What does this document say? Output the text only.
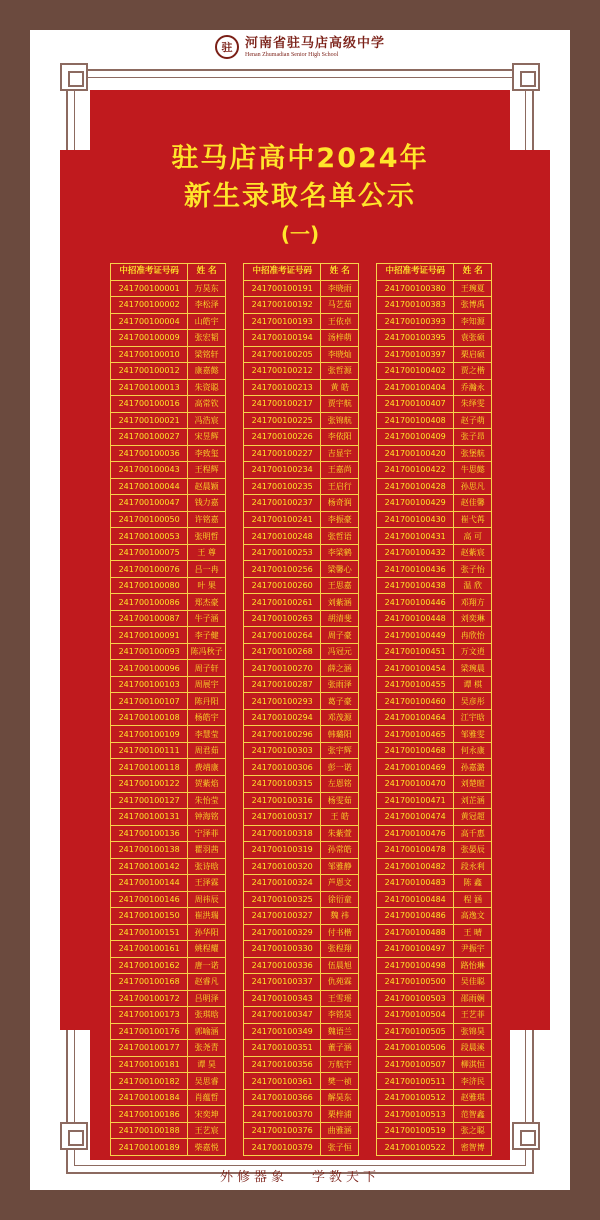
驻 河南省驻马店高级中学
Henan Zhumadian Senior High School
驻马店高中2024年
新生录取名单公示
(一)
中招准考证号码	姓 名
241700100001	万昊东
241700100002	李松泽
241700100004	山皓宇
241700100009	张宏韬
241700100010	梁铭轩
241700100012	康嘉懿
241700100013	朱资聪
241700100016	高常钦
241700100021	冯浩宸
241700100027	宋昱辉
241700100036	李致玺
241700100043	王程辉
241700100044	赵晨颖
241700100047	钱力嘉
241700100050	许铭嘉
241700100053	张明哲
241700100075	王 尊
241700100076	吕一冉
241700100080	叶 果
241700100086	郑杰豪
241700100087	牛子涵
241700100091	李子健
241700100093	陈冯秋子
241700100096	周子轩
241700100103	周展宇
241700100107	陈丹阳
241700100108	杨皓宇
241700100109	李慧莹
241700100111	周君茹
241700100118	费靖康
241700100122	贺紫焰
241700100127	朱怡莹
241700100131	钟海铭
241700100136	宁泽菲
241700100138	瞿羽茜
241700100142	张诗晗
241700100144	王泽霖
241700100146	周祎辰
241700100150	崔洪瑞
241700100151	孙华阳
241700100161	姚程耀
241700100162	唐一诺
241700100168	赵睿凡
241700100172	吕明泽
241700100173	张琪晗
241700100176	郭喻涵
241700100177	张尧青
241700100181	谭 昊
241700100182	吴思睿
241700100184	肖蕴哲
241700100186	宋奕坤
241700100188	王艺宸
241700100189	柴嘉悦
中招准考证号码	姓 名
241700100191	李晓雨
241700100192	马艺茹
241700100193	王依卓
241700100194	汤梓萌
241700100205	李晓灿
241700100212	张哲源
241700100213	黄 皓
241700100217	贾宇航
241700100225	张锦航
241700100226	李依阳
241700100227	吉显宇
241700100234	王嘉尚
241700100235	王启行
241700100237	杨奇润
241700100241	李振豪
241700100248	张哲语
241700100253	李梁鹤
241700100256	梁馨心
241700100260	王思嘉
241700100261	刘紫涵
241700100263	胡清斐
241700100264	周子豪
241700100268	冯冠元
241700100270	薛之涵
241700100287	张雨泽
241700100293	葛子豪
241700100294	邓茂源
241700100296	韩璐阳
241700100303	张宇辉
241700100306	彭一诺
241700100315	左恩铭
241700100316	杨雯茹
241700100317	王 皓
241700100318	朱紫萱
241700100319	孙常皓
241700100320	邹雅静
241700100324	芦恩文
241700100325	徐衍童
241700100327	魏 祎
241700100329	付书楷
241700100330	张程翔
241700100336	伍晨旭
241700100337	仇苑霖
241700100343	王雪瑶
241700100347	李铭昊
241700100349	魏语兰
241700100351	董子涵
241700100356	万航宇
241700100361	樊一祯
241700100366	解昊东
241700100370	栗梓浦
241700100376	曲雅涵
241700100379	张子恒
中招准考证号码	姓 名
241700100380	王琬夏
241700100383	张博禹
241700100393	李知源
241700100395	袁张硕
241700100397	栗启硕
241700100402	贾之楷
241700100404	乔瀚永
241700100407	朱绎雯
241700100408	赵子萌
241700100409	张子昂
241700100420	张堡航
241700100422	牛思懿
241700100428	孙思凡
241700100429	赵佳馨
241700100430	崔弋苒
241700100431	高 可
241700100432	赵紫宸
241700100436	张子怡
241700100438	温 欣
241700100446	邓翔方
241700100448	刘奕琳
241700100449	冉欣怡
241700100451	万文逍
241700100454	梁琬晨
241700100455	谭 棋
241700100460	吴彦彤
241700100464	江宇晗
241700100465	邹雅雯
241700100468	何永康
241700100469	孙嘉潞
241700100470	刘楚暄
241700100471	刘芷涵
241700100474	黄冠超
241700100476	高千惠
241700100478	张晏辰
241700100482	段永利
241700100483	陈 鑫
241700100484	程 涵
241700100486	高逸文
241700100488	王 晴
241700100497	尹振宇
241700100498	路怡琳
241700100500	吴佳聪
241700100503	邵雨娴
241700100504	王艺菲
241700100505	张锦昊
241700100506	段晨溪
241700100507	柳淇恒
241700100511	李济民
241700100512	赵雅琪
241700100513	范智鑫
241700100519	张之聪
241700100522	密智博
外修器象 学教天下
